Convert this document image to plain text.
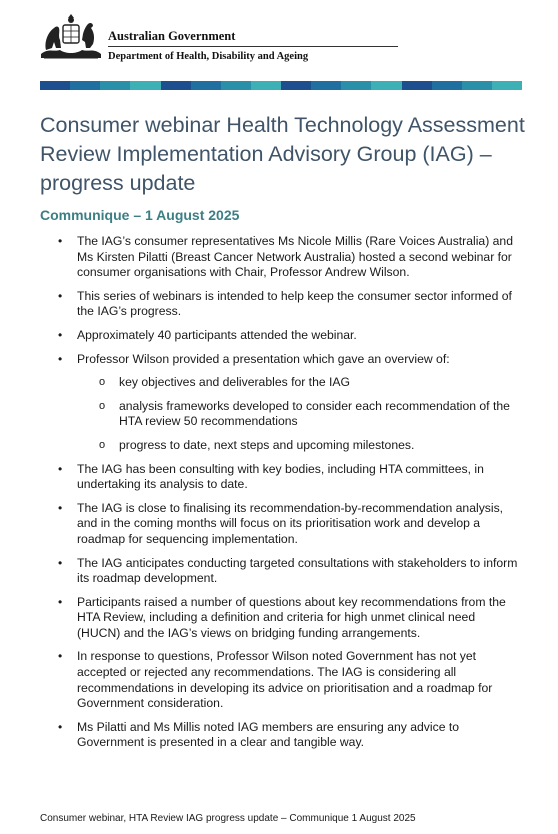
Australian Government
Department of Health, Disability and Ageing
Consumer webinar Health Technology Assessment Review Implementation Advisory Group (IAG) – progress update
Communique – 1 August 2025
• The IAG’s consumer representatives Ms Nicole Millis (Rare Voices Australia) and Ms Kirsten Pilatti (Breast Cancer Network Australia) hosted a second webinar for consumer organisations with Chair, Professor Andrew Wilson.
• This series of webinars is intended to help keep the consumer sector informed of the IAG’s progress.
• Approximately 40 participants attended the webinar.
• Professor Wilson provided a presentation which gave an overview of:
o key objectives and deliverables for the IAG
o analysis frameworks developed to consider each recommendation of the HTA review 50 recommendations
o progress to date, next steps and upcoming milestones.
• The IAG has been consulting with key bodies, including HTA committees, in undertaking its analysis to date.
• The IAG is close to finalising its recommendation-by-recommendation analysis, and in the coming months will focus on its prioritisation work and develop a roadmap for sequencing implementation.
• The IAG anticipates conducting targeted consultations with stakeholders to inform its roadmap development.
• Participants raised a number of questions about key recommendations from the HTA Review, including a definition and criteria for high unmet clinical need (HUCN) and the IAG’s views on bridging funding arrangements.
• In response to questions, Professor Wilson noted Government has not yet accepted or rejected any recommendations. The IAG is considering all recommendations in developing its advice on prioritisation and a roadmap for Government consideration.
• Ms Pilatti and Ms Millis noted IAG members are ensuring any advice to Government is presented in a clear and tangible way.
Consumer webinar, HTA Review IAG progress update – Communique 1 August 2025
